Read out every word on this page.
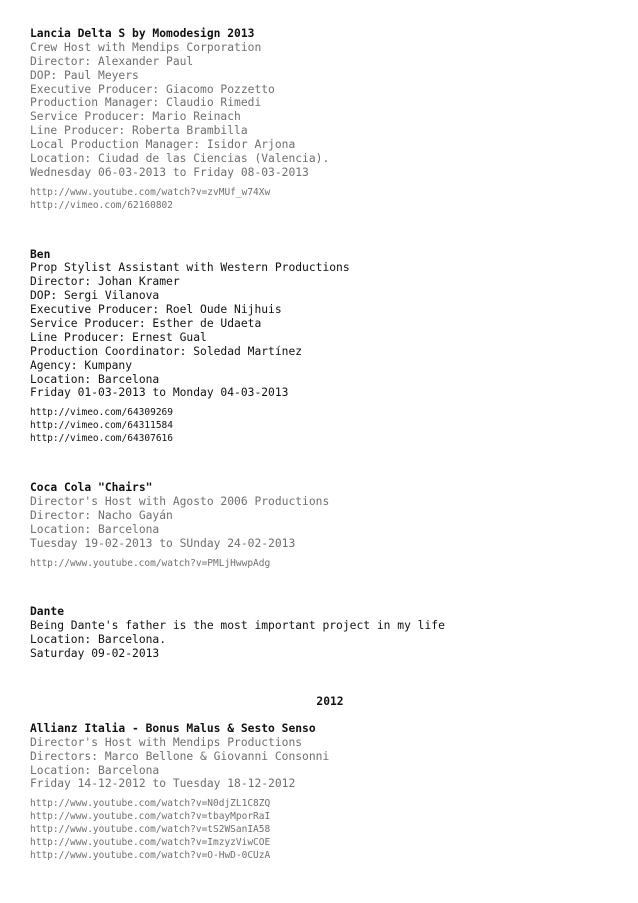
Lancia Delta S by Momodesign 2013
Crew Host with Mendips Corporation
Director: Alexander Paul
DOP: Paul Meyers
Executive Producer: Giacomo Pozzetto
Production Manager: Claudio Rimedi
Service Producer: Mario Reinach
Line Producer: Roberta Brambilla
Local Production Manager: Isidor Arjona
Location: Ciudad de las Ciencias (Valencia).
Wednesday 06-03-2013 to Friday 08-03-2013
http://www.youtube.com/watch?v=zvMUf_w74Xw
http://vimeo.com/62160802
Ben
Prop Stylist Assistant with Western Productions
Director: Johan Kramer
DOP: Sergi Vilanova
Executive Producer: Roel Oude Nijhuis
Service Producer: Esther de Udaeta
Line Producer: Ernest Gual
Production Coordinator: Soledad Martínez
Agency: Kumpany
Location: Barcelona
Friday 01-03-2013 to Monday 04-03-2013
http://vimeo.com/64309269
http://vimeo.com/64311584
http://vimeo.com/64307616
Coca Cola "Chairs"
Director's Host with Agosto 2006 Productions
Director: Nacho Gayán
Location: Barcelona
Tuesday 19-02-2013 to SUnday 24-02-2013
http://www.youtube.com/watch?v=PMLjHwwpAdg
Dante
Being Dante's father is the most important project in my life
Location: Barcelona.
Saturday 09-02-2013
2012
Allianz Italia - Bonus Malus & Sesto Senso
Director's Host with Mendips Productions
Directors: Marco Bellone & Giovanni Consonni
Location: Barcelona
Friday 14-12-2012 to Tuesday 18-12-2012
http://www.youtube.com/watch?v=N0djZL1C8ZQ
http://www.youtube.com/watch?v=tbayMporRaI
http://www.youtube.com/watch?v=tS2WSanIA58
http://www.youtube.com/watch?v=ImzyzViwCOE
http://www.youtube.com/watch?v=O-HwD-0CUzA
